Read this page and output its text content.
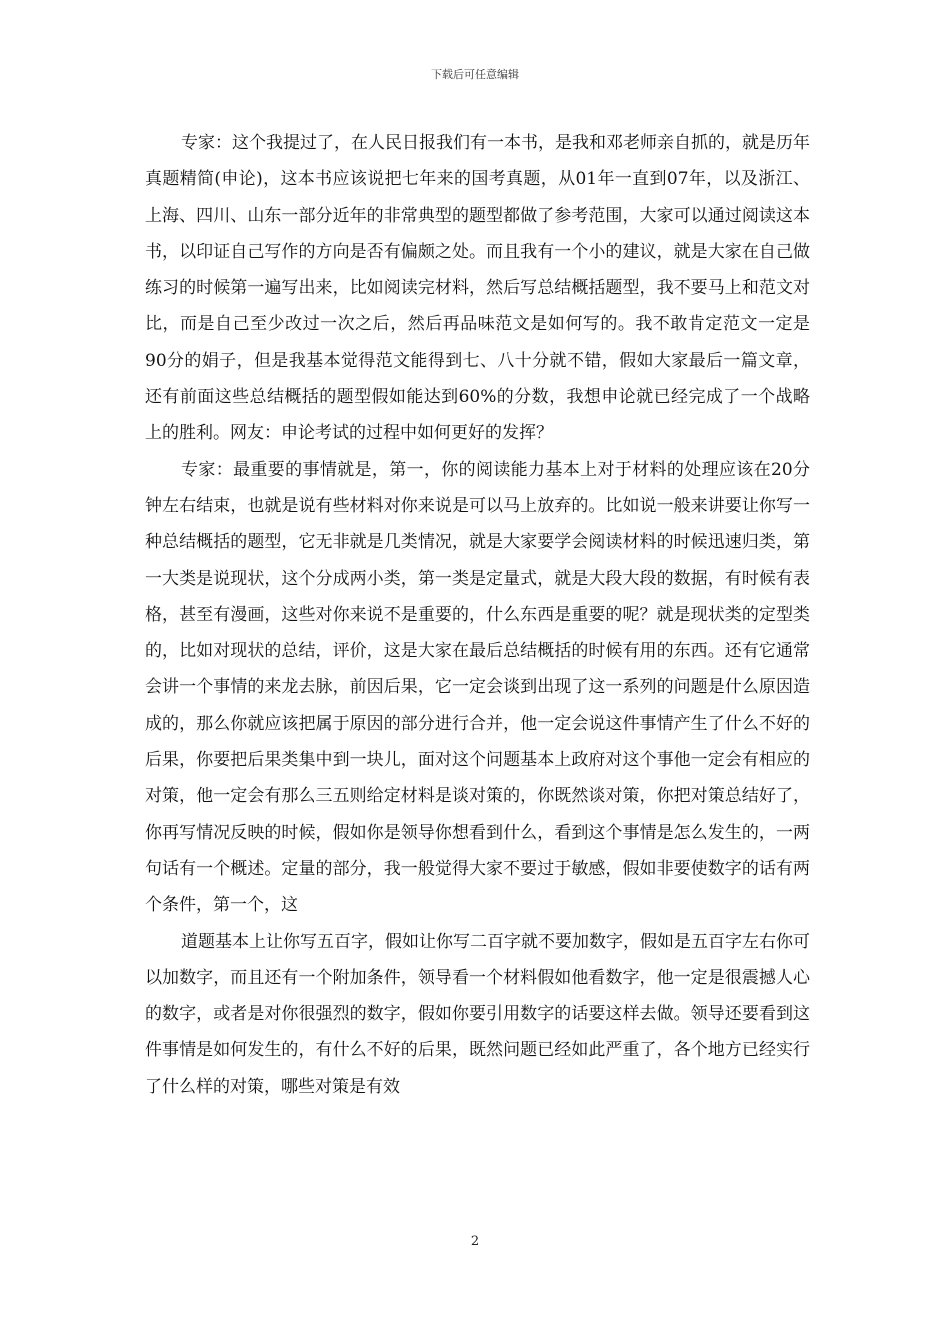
下载后可任意编辑

专家：这个我提过了，在人民日报我们有一本书，是我和邓老师亲自抓的，就是历年真题精简(申论)，这本书应该说把七年来的国考真题，从01年一直到07年，以及浙江、上海、四川、山东一部分近年的非常典型的题型都做了参考范围，大家可以通过阅读这本书，以印证自己写作的方向是否有偏颇之处。而且我有一个小的建议，就是大家在自己做练习的时候第一遍写出来，比如阅读完材料，然后写总结概括题型，我不要马上和范文对比，而是自己至少改过一次之后，然后再品味范文是如何写的。我不敢肯定范文一定是90分的娟子，但是我基本觉得范文能得到七、八十分就不错，假如大家最后一篇文章，还有前面这些总结概括的题型假如能达到60%的分数，我想申论就已经完成了一个战略上的胜利。网友：申论考试的过程中如何更好的发挥？

专家：最重要的事情就是，第一，你的阅读能力基本上对于材料的处理应该在20分钟左右结束，也就是说有些材料对你来说是可以马上放弃的。比如说一般来讲要让你写一种总结概括的题型，它无非就是几类情况，就是大家要学会阅读材料的时候迅速归类，第一大类是说现状，这个分成两小类，第一类是定量式，就是大段大段的数据，有时候有表格，甚至有漫画，这些对你来说不是重要的，什么东西是重要的呢？就是现状类的定型类的，比如对现状的总结，评价，这是大家在最后总结概括的时候有用的东西。还有它通常会讲一个事情的来龙去脉，前因后果，它一定会谈到出现了这一系列的问题是什么原因造成的，那么你就应该把属于原因的部分进行合并，他一定会说这件事情产生了什么不好的后果，你要把后果类集中到一块儿，面对这个问题基本上政府对这个事他一定会有相应的对策，他一定会有那么三五则给定材料是谈对策的，你既然谈对策，你把对策总结好了，你再写情况反映的时候，假如你是领导你想看到什么，看到这个事情是怎么发生的，一两句话有一个概述。定量的部分，我一般觉得大家不要过于敏感，假如非要使数字的话有两个条件，第一个，这

道题基本上让你写五百字，假如让你写二百字就不要加数字，假如是五百字左右你可以加数字，而且还有一个附加条件，领导看一个材料假如他看数字，他一定是很震撼人心的数字，或者是对你很强烈的数字，假如你要引用数字的话要这样去做。领导还要看到这件事情是如何发生的，有什么不好的后果，既然问题已经如此严重了，各个地方已经实行了什么样的对策，哪些对策是有效

2
